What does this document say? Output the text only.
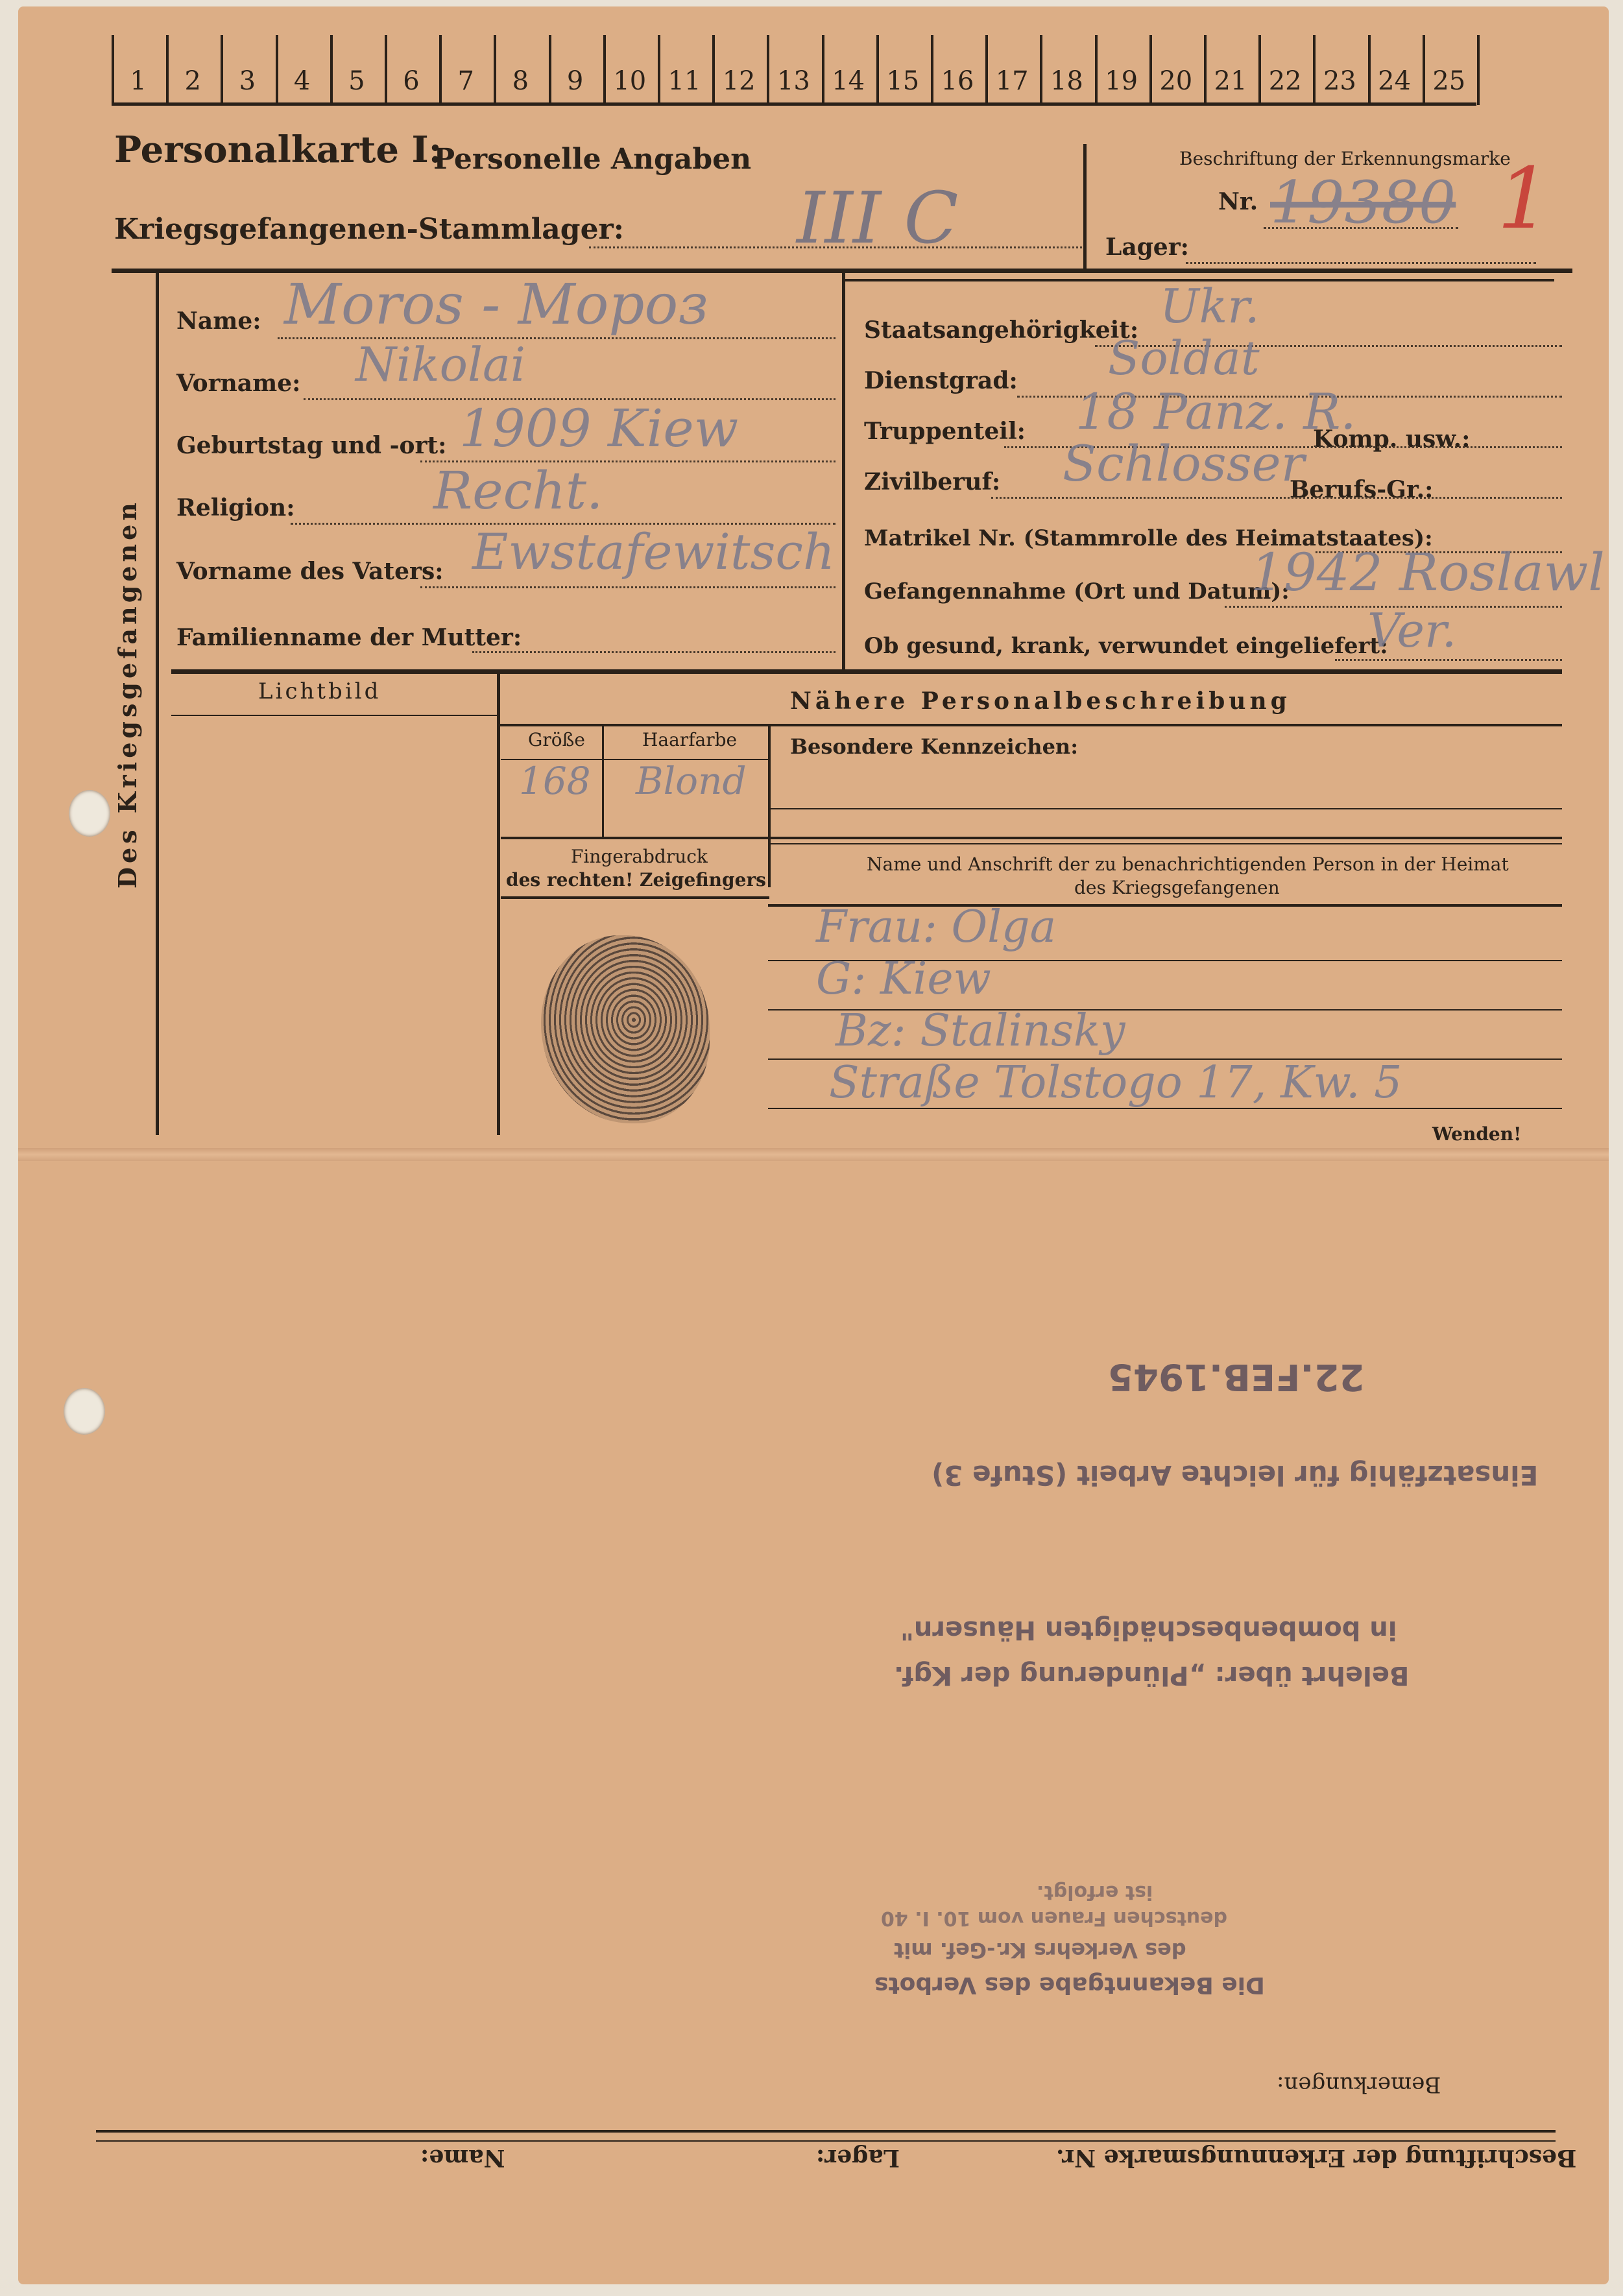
Personalkarte I:
Personelle Angaben
Kriegsgefangenen-Stammlager: III C
Beschriftung der Erkennungsmarke
Nr. 19380 1
Lager:
Des Kriegsgefangenen
Name: Moros - Мороз
Vorname: Nikolai
Geburtstag und -ort: 1909 Kiew
Religion:	Recht.
Vorname des Vaters: Ewstafewitsch
Familienname der Mutter:
Staatsangehörigkeit: Ukr.
Dienstgrad: Soldat
Truppenteil: 18 Panz. R.
Komp. usw.:
Zivilberuf: Schlosser
Berufs-Gr.:
Matrikel Nr. (Stammrolle des Heimatstaates):
Gefangennahme (Ort und Datum):
1942 Roslawl
Ob gesund, krank, verwundet eingeliefert:
Ver.
Lichtbild	Nähere Personalbeschreibung
Größe	Haarfarbe
168 Blond
Besondere Kennzeichen:
Fingerabdruck
des rechten! Zeigefingers
Name und Anschrift der zu benachrichtigenden Person in der Heimat
des Kriegsgefangenen
Frau: Olga
G: Kiew
Bz: Stalinsky
Straße Tolstogo 17, Kw. 5
Wenden!
22.FEB.1945
Einsatzfähig für leichte Arbeit (Stufe 3)
in bombenbeschädigten Häusern"
Belehrt über: „Plünderung der Kgf.
ist erfolgt.
deutschen Frauen vom 10. I. 40
des Verkehrs Kr.-Gef. mit
Die Bekanntgabe des Verbots
Bemerkungen:
Beschriftung der Erkennungsmarke Nr.
Lager:
Name:
1	2	3	4	5	6	7	8	9	10 11 12 13 14 15 16 17 18 19 20 21 22 23 24 25
